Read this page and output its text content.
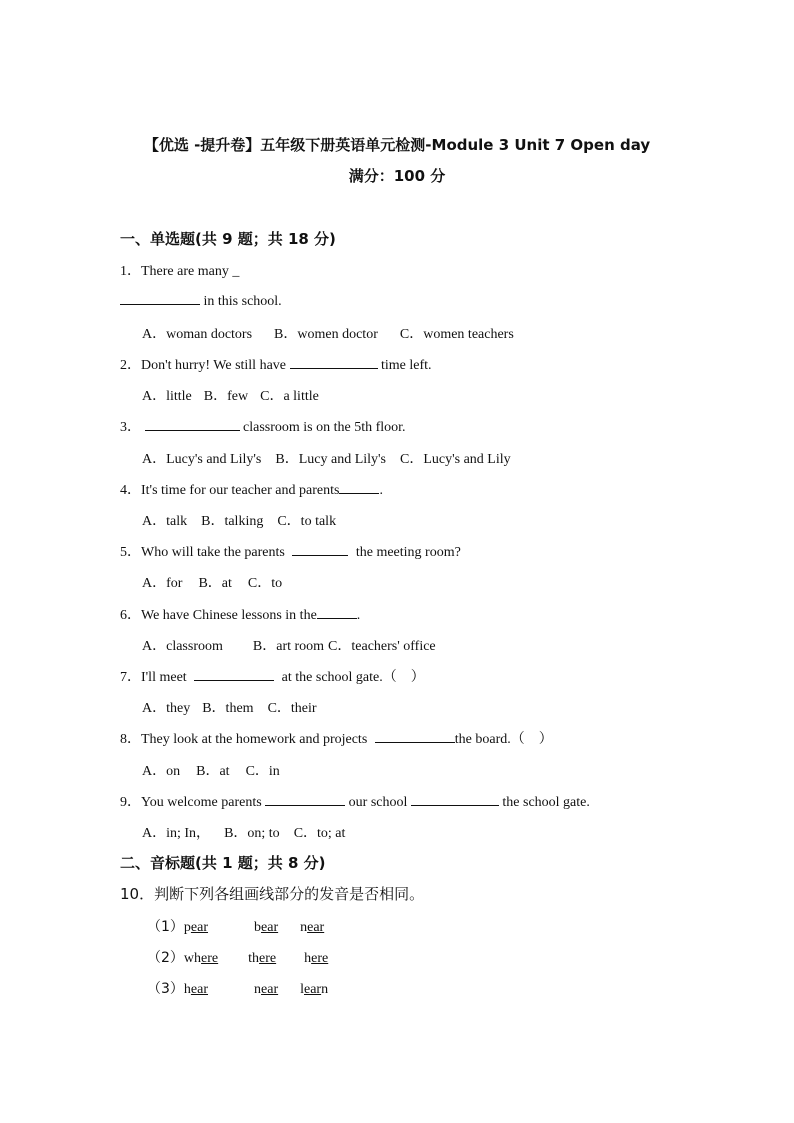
【优选 -提升卷】五年级下册英语单元检测-Module 3 Unit 7 Open day
满分：100 分
一、单选题(共 9 题；共 18 分)
1．There are many _
in this school.
A．woman doctors B．women doctor C．women teachers
2．Don't hurry! We still have	time left.
A．little B．few C．a little
3．	classroom is on the 5th floor.
A．Lucy's and Lily's B．Lucy and Lily's C．Lucy's and Lily
4．It's time for our teacher and parents	.
A．talk B．talking C．to talk
5．Who will take the parents	the meeting room?
A．for B．at C．to
6．We have Chinese lessons in the	.
A．classroom B．art room C．teachers' office
7．I'll meet	at the school gate.（　）
A．they B．them C．their
8．They look at the homework and projects	the board.（　）
A．on B．at C．in
9．You welcome parents	our school	the school gate.
A．in; In， B．on; to C．to; at
二、音标题(共 1 题；共 8 分)
10．判断下列各组画线部分的发音是否相同。
（1）pear	bear near
（2）where there here
（3）hear	near learn
